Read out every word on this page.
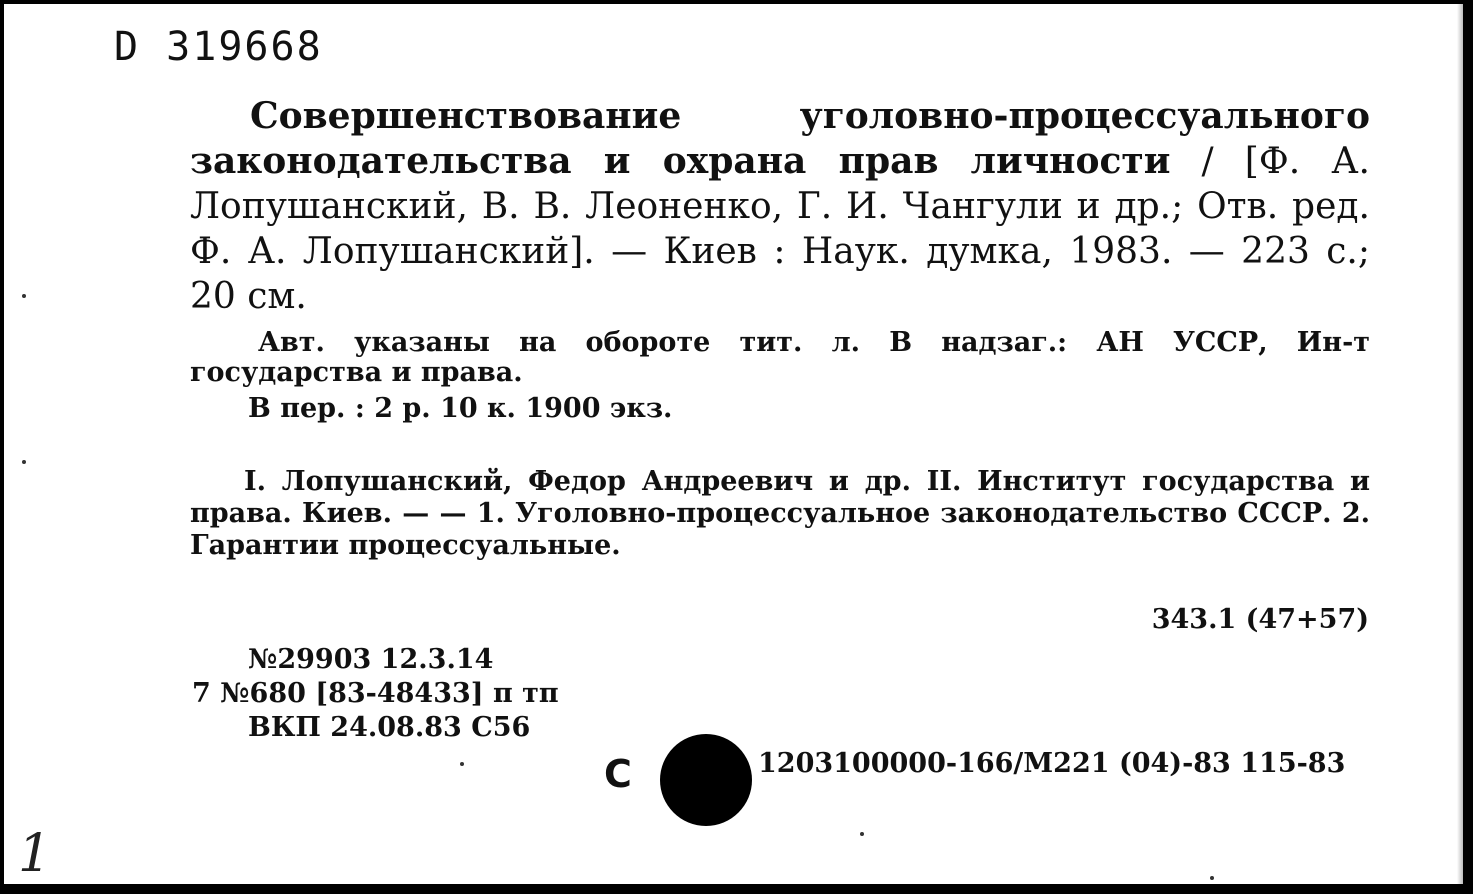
D 319668
Совершенствование уголовно-процессуального законодательства и охрана прав личности / [Ф. А. Лопушанский, В. В. Леоненко, Г. И. Чангули и др.; Отв. ред. Ф. А. Лопушанский]. — Киев : Наук. думка, 1983. — 223 с.; 20 см.
Авт. указаны на обороте тит. л. В надзаг.: АН УССР, Ин-т государства и права.
В пер. : 2 р. 10 к. 1900 экз.
I. Лопушанский, Федор Андреевич и др. II. Институт государства и права. Киев. — — 1. Уголовно-процессуальное законодательство СССР. 2. Гарантии процессуальные.
343.1 (47+57)
№29903 12.3.14
7 №680 [83-48433] п тп
ВКП 24.08.83 С56
C	1203100000-166/М221 (04)-83 115-83
1
